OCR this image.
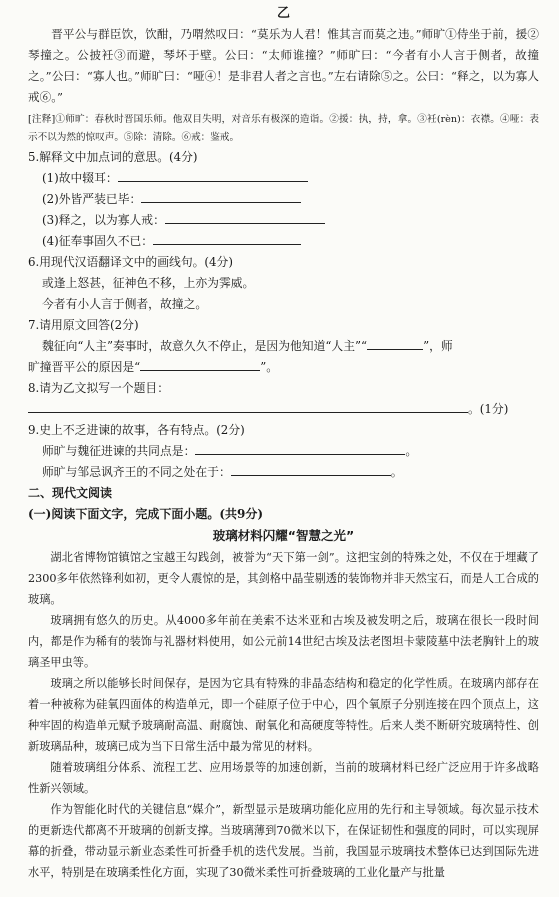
乙

晋平公与群臣饮，饮酣，乃喟然叹曰：“莫乐为人君！惟其言而莫之违。”师旷①侍坐于前，援②琴撞之。公披衽③而避，琴坏于壁。公曰：“太师谁撞？”师旷曰：“今者有小人言于侧者，故撞之。”公曰：“寡人也。”师旷曰：“哑④！是非君人者之言也。”左右请除⑤之。公曰：“释之，以为寡人戒⑥。”

[注释]①师旷：春秋时晋国乐师。他双目失明，对音乐有极深的造诣。②援：执，持，拿。③衽(rèn)：衣襟。④哑：表示不以为然的惊叹声。⑤除：清除。⑥戒：鉴戒。

5.解释文中加点词的意思。(4分)

(1)故中辍耳：
(2)外皆严装已毕：
(3)释之，以为寡人戒：
(4)征奉事固久不已：

6.用现代汉语翻译文中的画线句。(4分)

或逢上怒甚，征神色不移，上亦为霁威。
今者有小人言于侧者，故撞之。

7.请用原文回答(2分)

魏征向“人主”奏事时，故意久久不停止，是因为他知道“人主”“	”，师
旷撞晋平公的原因是“	”。

8.请为乙文拟写一个题目：

。(1分)

9.史上不乏进谏的故事，各有特点。(2分)

师旷与魏征进谏的共同点是：	。
师旷与邹忌讽齐王的不同之处在于：	。

二、现代文阅读

(一)阅读下面文字，完成下面小题。(共9分)

玻璃材料闪耀“智慧之光”

湖北省博物馆镇馆之宝越王勾践剑，被誉为“天下第一剑”。这把宝剑的特殊之处，不仅在于埋藏了2300多年依然锋利如初，更令人震惊的是，其剑格中晶莹剔透的装饰物并非天然宝石，而是人工合成的玻璃。

玻璃拥有悠久的历史。从4000多年前在美索不达米亚和古埃及被发明之后，玻璃在很长一段时间内，都是作为稀有的装饰与礼器材料使用，如公元前14世纪古埃及法老图坦卡蒙陵墓中法老胸针上的玻璃圣甲虫等。

玻璃之所以能够长时间保存，是因为它具有特殊的非晶态结构和稳定的化学性质。在玻璃内部存在着一种被称为硅氧四面体的构造单元，即一个硅原子位于中心，四个氧原子分别连接在四个顶点上，这种牢固的构造单元赋予玻璃耐高温、耐腐蚀、耐氧化和高硬度等特性。后来人类不断研究玻璃特性、创新玻璃品种，玻璃已成为当下日常生活中最为常见的材料。

随着玻璃组分体系、流程工艺、应用场景等的加速创新，当前的玻璃材料已经广泛应用于许多战略性新兴领域。

作为智能化时代的关键信息“媒介”，新型显示是玻璃功能化应用的先行和主导领域。每次显示技术的更新迭代都离不开玻璃的创新支撑。当玻璃薄到70微米以下，在保证韧性和强度的同时，可以实现屏幕的折叠，带动显示新业态柔性可折叠手机的迭代发展。当前，我国显示玻璃技术整体已达到国际先进水平，特别是在玻璃柔性化方面，实现了30微米柔性可折叠玻璃的工业化量产与批量
